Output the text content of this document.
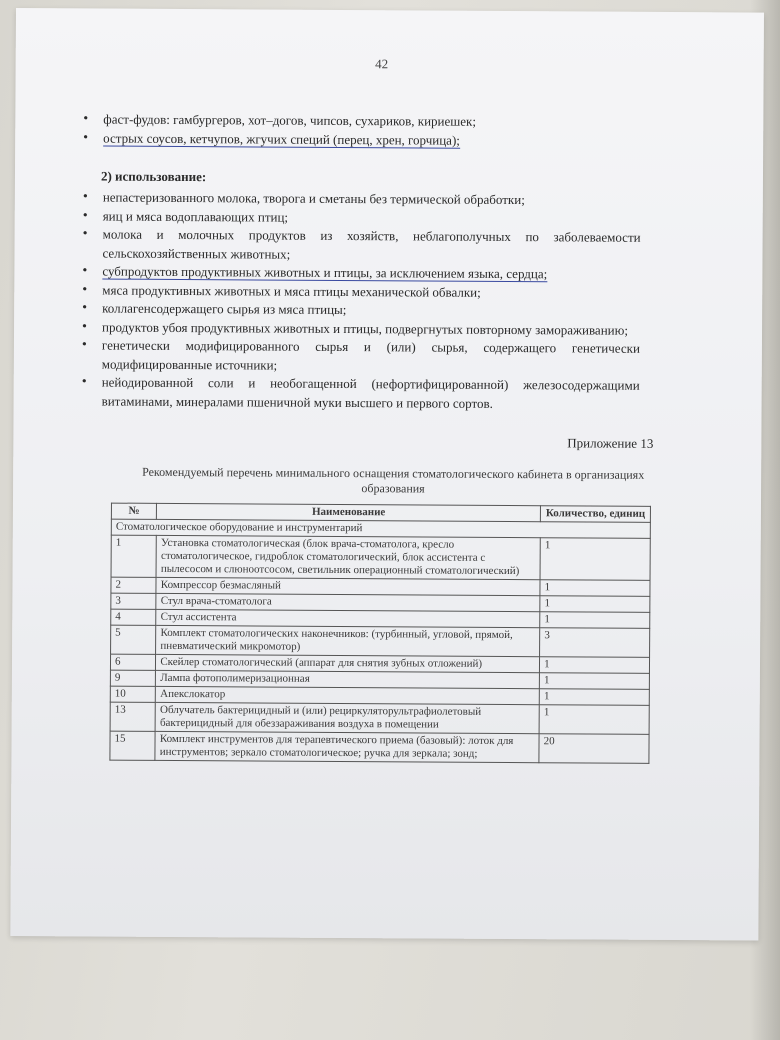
42
• фаст-фудов: гамбургеров, хот–догов, чипсов, сухариков, кириешек;
• острых соусов, кетчупов, жгучих специй (перец, хрен, горчица);
2) использование:
• непастеризованного молока, творога и сметаны без термической обработки;
• яиц и мяса водоплавающих птиц;
• молока и молочных продуктов из хозяйств, неблагополучных по заболеваемости сельскохозяйственных животных;
• субпродуктов продуктивных животных и птицы, за исключением языка, сердца;
• мяса продуктивных животных и мяса птицы механической обвалки;
• коллагенсодержащего сырья из мяса птицы;
• продуктов убоя продуктивных животных и птицы, подвергнутых повторному замораживанию;
• генетически модифицированного сырья и (или) сырья, содержащего генетически модифицированные источники;
• нейодированной соли и необогащенной (нефортифицированной) железосодержащими витаминами, минералами пшеничной муки высшего и первого сортов.
Приложение 13
Рекомендуемый перечень минимального оснащения стоматологического кабинета в организациях образования
№	Наименование	Количество, единиц
Стоматологическое оборудование и инструментарий		
1	Установка стоматологическая (блок врача-стоматолога, кресло стоматологическое, гидроблок стоматологический, блок ассистента с пылесосом и слюноотсосом, светильник операционный стоматологический)	1
2	Компрессор безмасляный	1
3	Стул врача-стоматолога	1
4	Стул ассистента	1
5	Комплект стоматологических наконечников: (турбинный, угловой, прямой, пневматический микромотор)	3
6	Скейлер стоматологический (аппарат для снятия зубных отложений)	1
9	Лампа фотополимеризационная	1
10	Апекслокатор	1
13	Облучатель бактерицидный и (или) рециркуляторультрафиолетовый бактерицидный для обеззараживания воздуха в помещении	1
15	Комплект инструментов для терапевтического приема (базовый): лоток для инструментов; зеркало стоматологическое; ручка для зеркала; зонд;	20
